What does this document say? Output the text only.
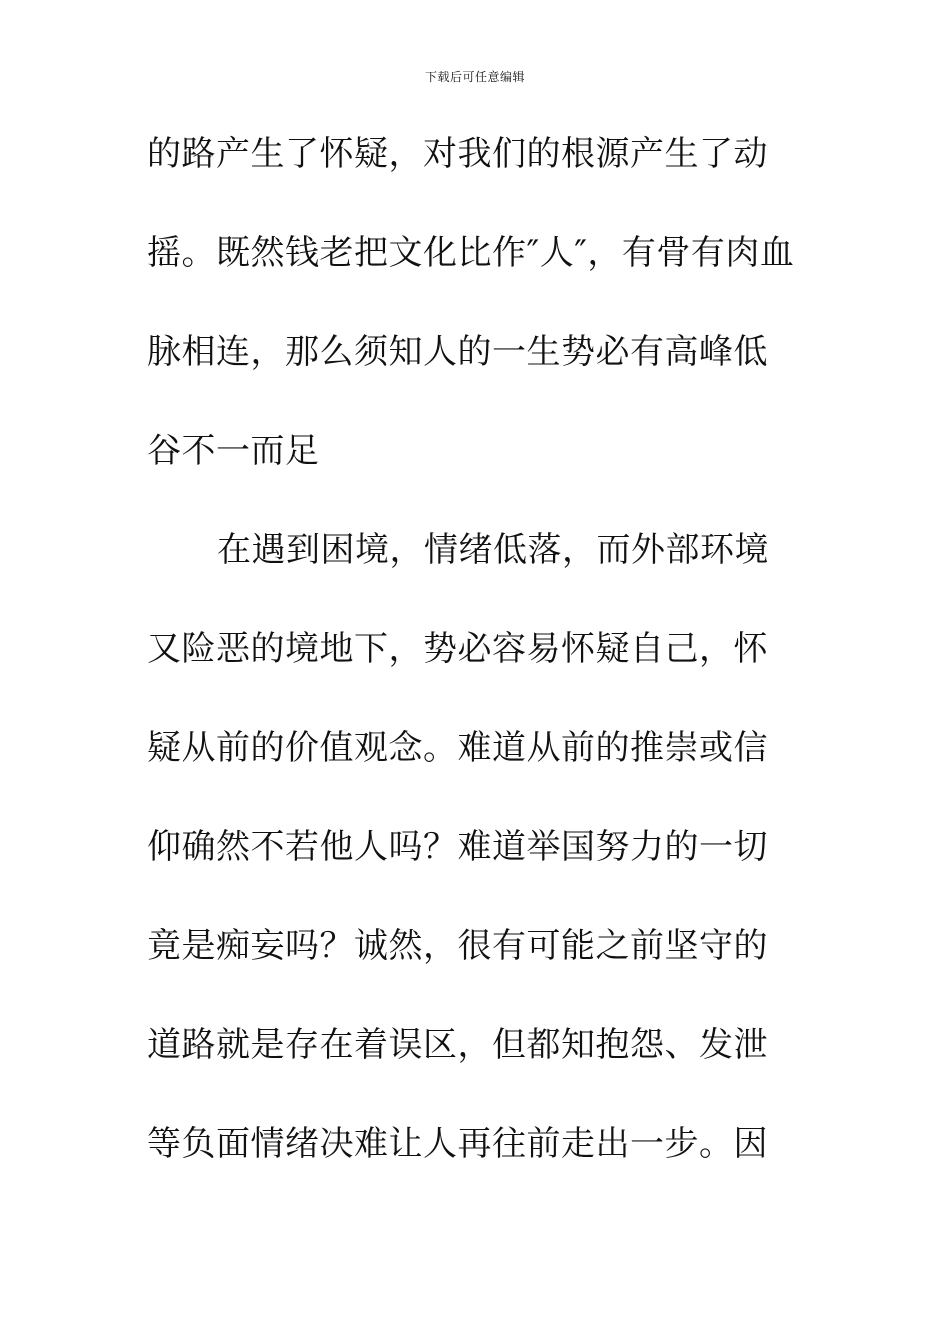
下载后可任意编辑
的路产生了怀疑，对我们的根源产生了动
摇。既然钱老把文化比作″人″，有骨有肉血
脉相连，那么须知人的一生势必有高峰低
谷不一而足
在遇到困境，情绪低落，而外部环境
又险恶的境地下，势必容易怀疑自己，怀
疑从前的价值观念。难道从前的推崇或信
仰确然不若他人吗？难道举国努力的一切
竟是痴妄吗？诚然，很有可能之前坚守的
道路就是存在着误区，但都知抱怨、发泄
等负面情绪决难让人再往前走出一步。因
